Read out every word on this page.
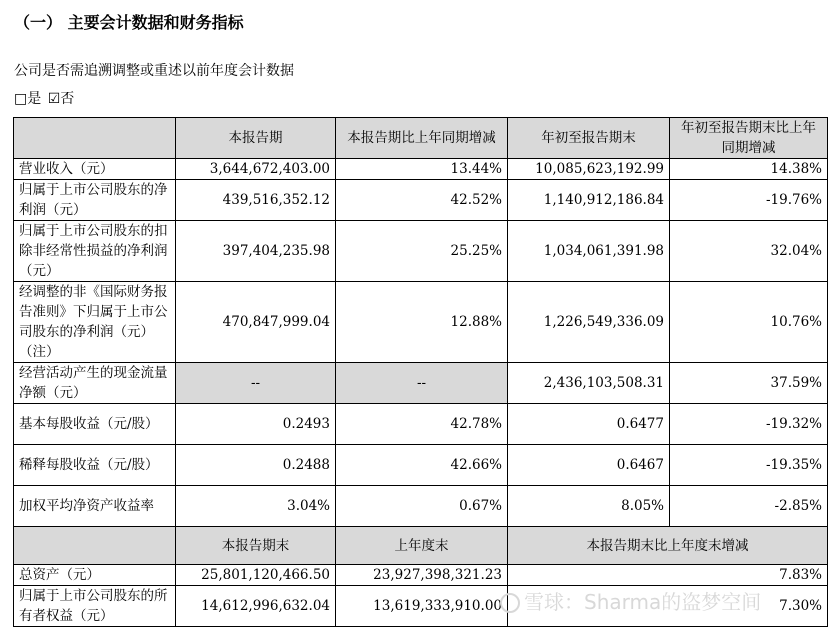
（一） 主要会计数据和财务指标
公司是否需追溯调整或重述以前年度会计数据
□是 ☑否
	本报告期	本报告期比上年同期增减	年初至报告期末	年初至报告期末比上年同期增减
营业收入（元）	3,644,672,403.00	13.44%	10,085,623,192.99	14.38%
归属于上市公司股东的净利润（元）	439,516,352.12	42.52%	1,140,912,186.84	-19.76%
归属于上市公司股东的扣除非经常性损益的净利润（元）	397,404,235.98	25.25%	1,034,061,391.98	32.04%
经调整的非《国际财务报告准则》下归属于上市公司股东的净利润（元）（注）	470,847,999.04	12.88%	1,226,549,336.09	10.76%
经营活动产生的现金流量净额（元）	--	--	2,436,103,508.31	37.59%
基本每股收益（元/股）	0.2493	42.78%	0.6477	-19.32%
稀释每股收益（元/股）	0.2488	42.66%	0.6467	-19.35%
加权平均净资产收益率	3.04%	0.67%	8.05%	-2.85%
	本报告期末	上年度末	本报告期末比上年度末增减	
总资产（元）	25,801,120,466.50	23,927,398,321.23	7.83%	
归属于上市公司股东的所有者权益（元）	14,612,996,632.04	13,619,333,910.00	7.30%	
雪球：Sharma的盗梦空间
